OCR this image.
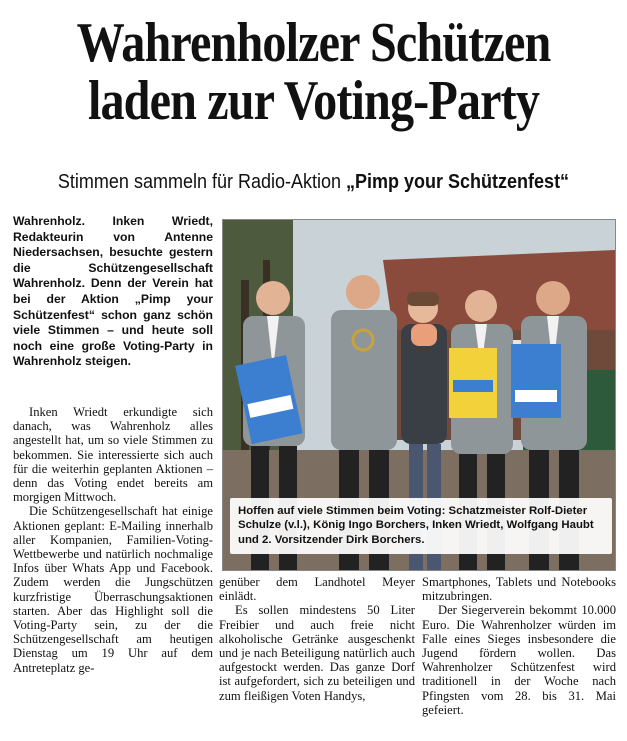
Wahrenholzer Schützen
laden zur Voting-Party
Stimmen sammeln für Radio-Aktion „Pimp your Schützenfest“

Wahrenholz. Inken Wriedt, Redakteurin von Antenne Niedersachsen, besuchte gestern die Schützengesellschaft Wahrenholz. Denn der Verein hat bei der Aktion „Pimp your Schützenfest“ schon ganz schön viele Stimmen – und heute soll noch eine große Voting-Party in Wahrenholz steigen.

Inken Wriedt erkundigte sich danach, was Wahrenholz alles angestellt hat, um so viele Stimmen zu bekommen. Sie interessierte sich auch für die weiterhin geplanten Aktionen – denn das Voting endet bereits am morgigen Mittwoch.

Die Schützengesellschaft hat einige Aktionen geplant: E-Mailing innerhalb aller Kompanien, Familien-Voting-Wettbewerbe und natürlich nochmalige Infos über Whats App und Facebook. Zudem werden die Jungschützen kurzfristige Überraschungsaktionen starten. Aber das Highlight soll die Voting-Party sein, zu der die Schützengesellschaft am heutigen Dienstag um 19 Uhr auf dem Antreteplatz ge-

genüber dem Landhotel Meyer einlädt.

Es sollen mindestens 50 Liter Freibier und auch freie nicht alkoholische Getränke ausgeschenkt und je nach Beteiligung natürlich auch aufgestockt werden. Das ganze Dorf ist aufgefordert, sich zu beteiligen und zum fleißigen Voten Handys,

Smartphones, Tablets und Notebooks mitzubringen.

Der Siegerverein bekommt 10.000 Euro. Die Wahrenholzer würden im Falle eines Sieges insbesondere die Jugend fördern wollen. Das Wahrenholzer Schützenfest wird traditionell in der Woche nach Pfingsten vom 28. bis 31. Mai gefeiert.

Hoffen auf viele Stimmen beim Voting: Schatzmeister Rolf-Dieter Schulze (v.l.), König Ingo Borchers, Inken Wriedt, Wolfgang Haubt und 2. Vorsitzender Dirk Borchers.
